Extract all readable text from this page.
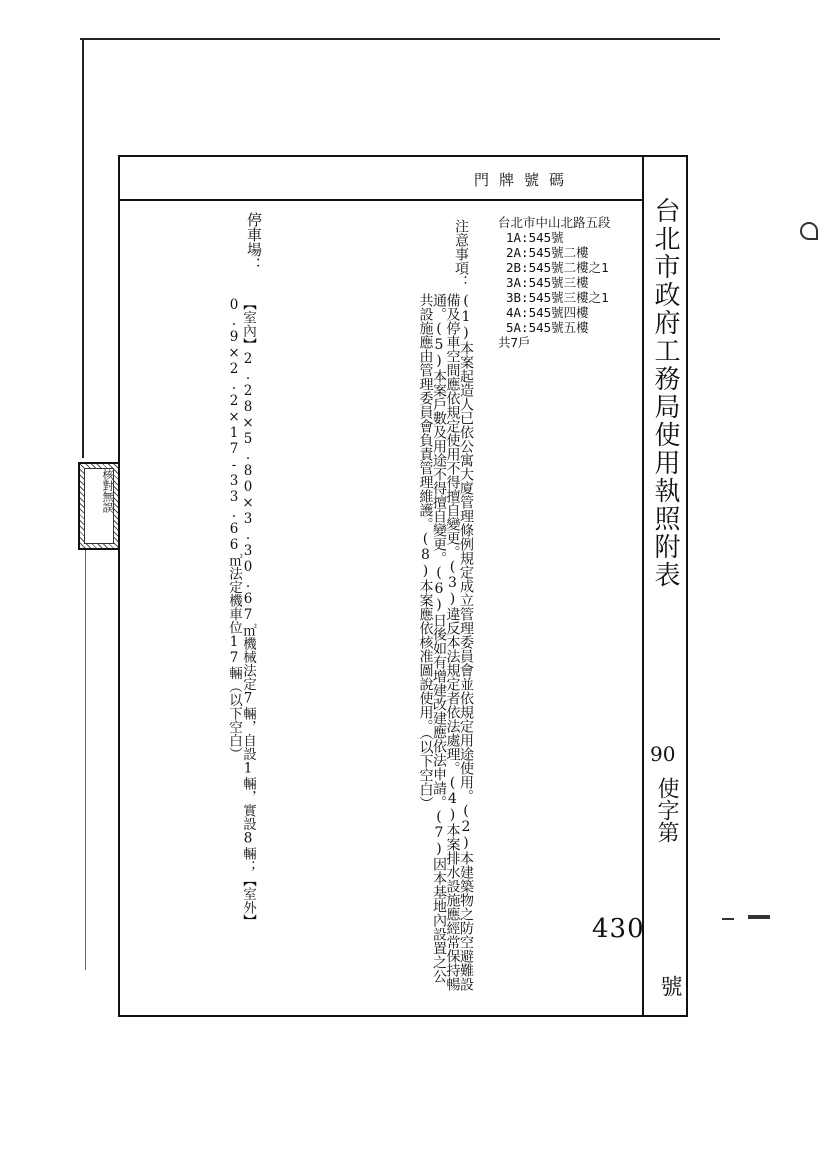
門牌號碼
台北市政府工務局使用執照附表
90
使字第
430
號
台北市中山北路五段
1A:545號
2A:545號二樓
2B:545號二樓之1
3A:545號三樓
3B:545號三樓之1
4A:545號四樓
5A:545號五樓
共7戶
注意事項：
(1)本案起造人已依公寓大廈管理條例規定成立管理委員會並依規定用途使用。(2)本建築物之防空避難設備及停車空間應依規定使用不得擅自變更。(3)違反本法規定者依法處理。(4)本案排水設施應經常保持暢通。(5)本案戶數及用途不得擅自變更。(6)日後如有增建改建應依法申請。(7)因本基地內設置之公共設施應由管理委員會負責管理維護。(8)本案應依核准圖說使用。（以下空白）
停車場：
【室內】2.28×5.80×3.30.67㎡機械法定7輛，自設1輛，實設8輛；【室外】0.9×2.2×17-33.66㎡法定機車位17輛（以下空白）
核對無誤
